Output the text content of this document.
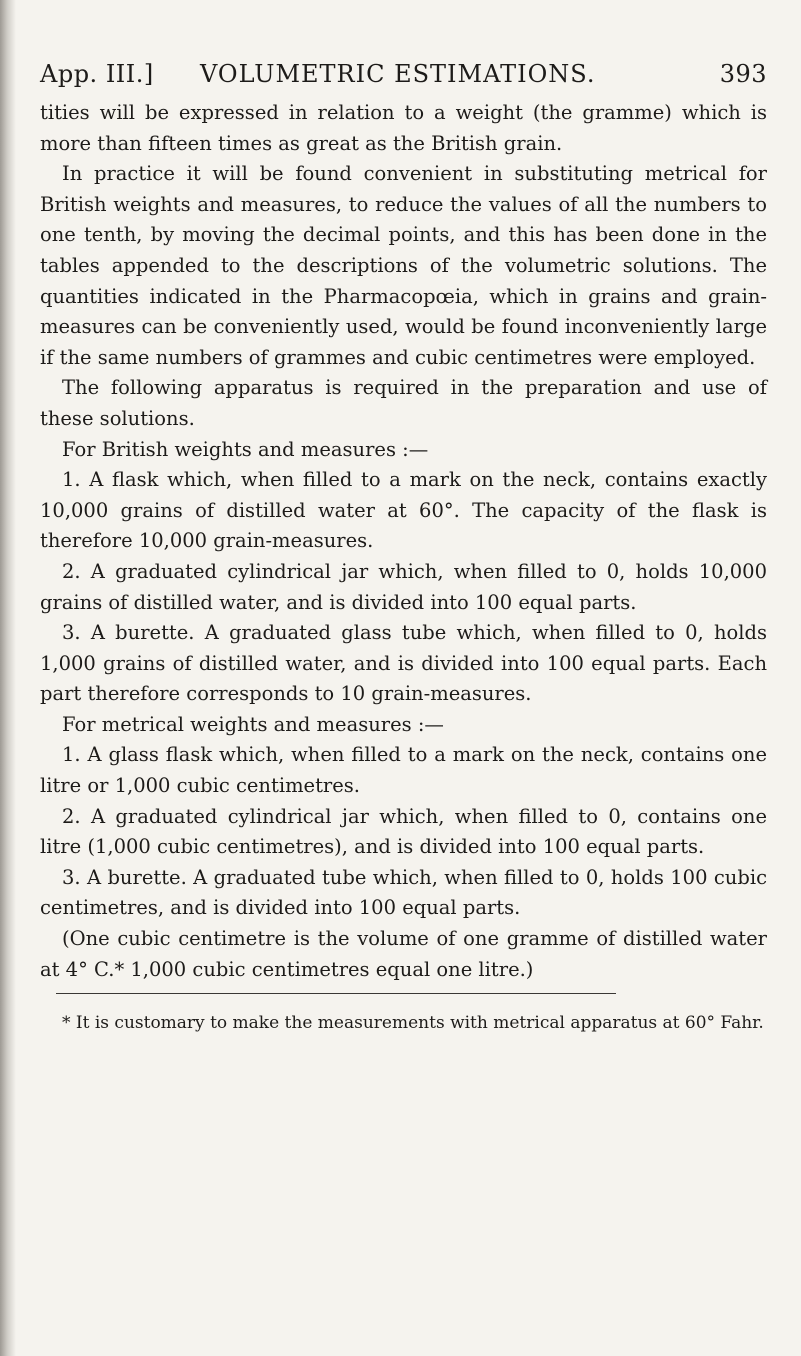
App. III.] VOLUMETRIC ESTIMATIONS.	393

tities will be expressed in relation to a weight (the gramme) which is more than fifteen times as great as the British grain.

In practice it will be found convenient in substituting metrical for British weights and measures, to reduce the values of all the numbers to one tenth, by moving the decimal points, and this has been done in the tables appended to the descriptions of the volumetric solutions. The quantities indicated in the Pharmacopœia, which in grains and grain-measures can be conveniently used, would be found inconveniently large if the same numbers of grammes and cubic centimetres were employed.

The following apparatus is required in the preparation and use of these solutions.

For British weights and measures :—

1. A flask which, when filled to a mark on the neck, contains exactly 10,000 grains of distilled water at 60°. The capacity of the flask is therefore 10,000 grain-measures.

2. A graduated cylindrical jar which, when filled to 0, holds 10,000 grains of distilled water, and is divided into 100 equal parts.

3. A burette. A graduated glass tube which, when filled to 0, holds 1,000 grains of distilled water, and is divided into 100 equal parts. Each part therefore corresponds to 10 grain-measures.

For metrical weights and measures :—

1. A glass flask which, when filled to a mark on the neck, contains one litre or 1,000 cubic centimetres.

2. A graduated cylindrical jar which, when filled to 0, contains one litre (1,000 cubic centimetres), and is divided into 100 equal parts.

3. A burette. A graduated tube which, when filled to 0, holds 100 cubic centimetres, and is divided into 100 equal parts.

(One cubic centimetre is the volume of one gramme of distilled water at 4° C.* 1,000 cubic centimetres equal one litre.)

* It is customary to make the measurements with metrical apparatus at 60° Fahr.
